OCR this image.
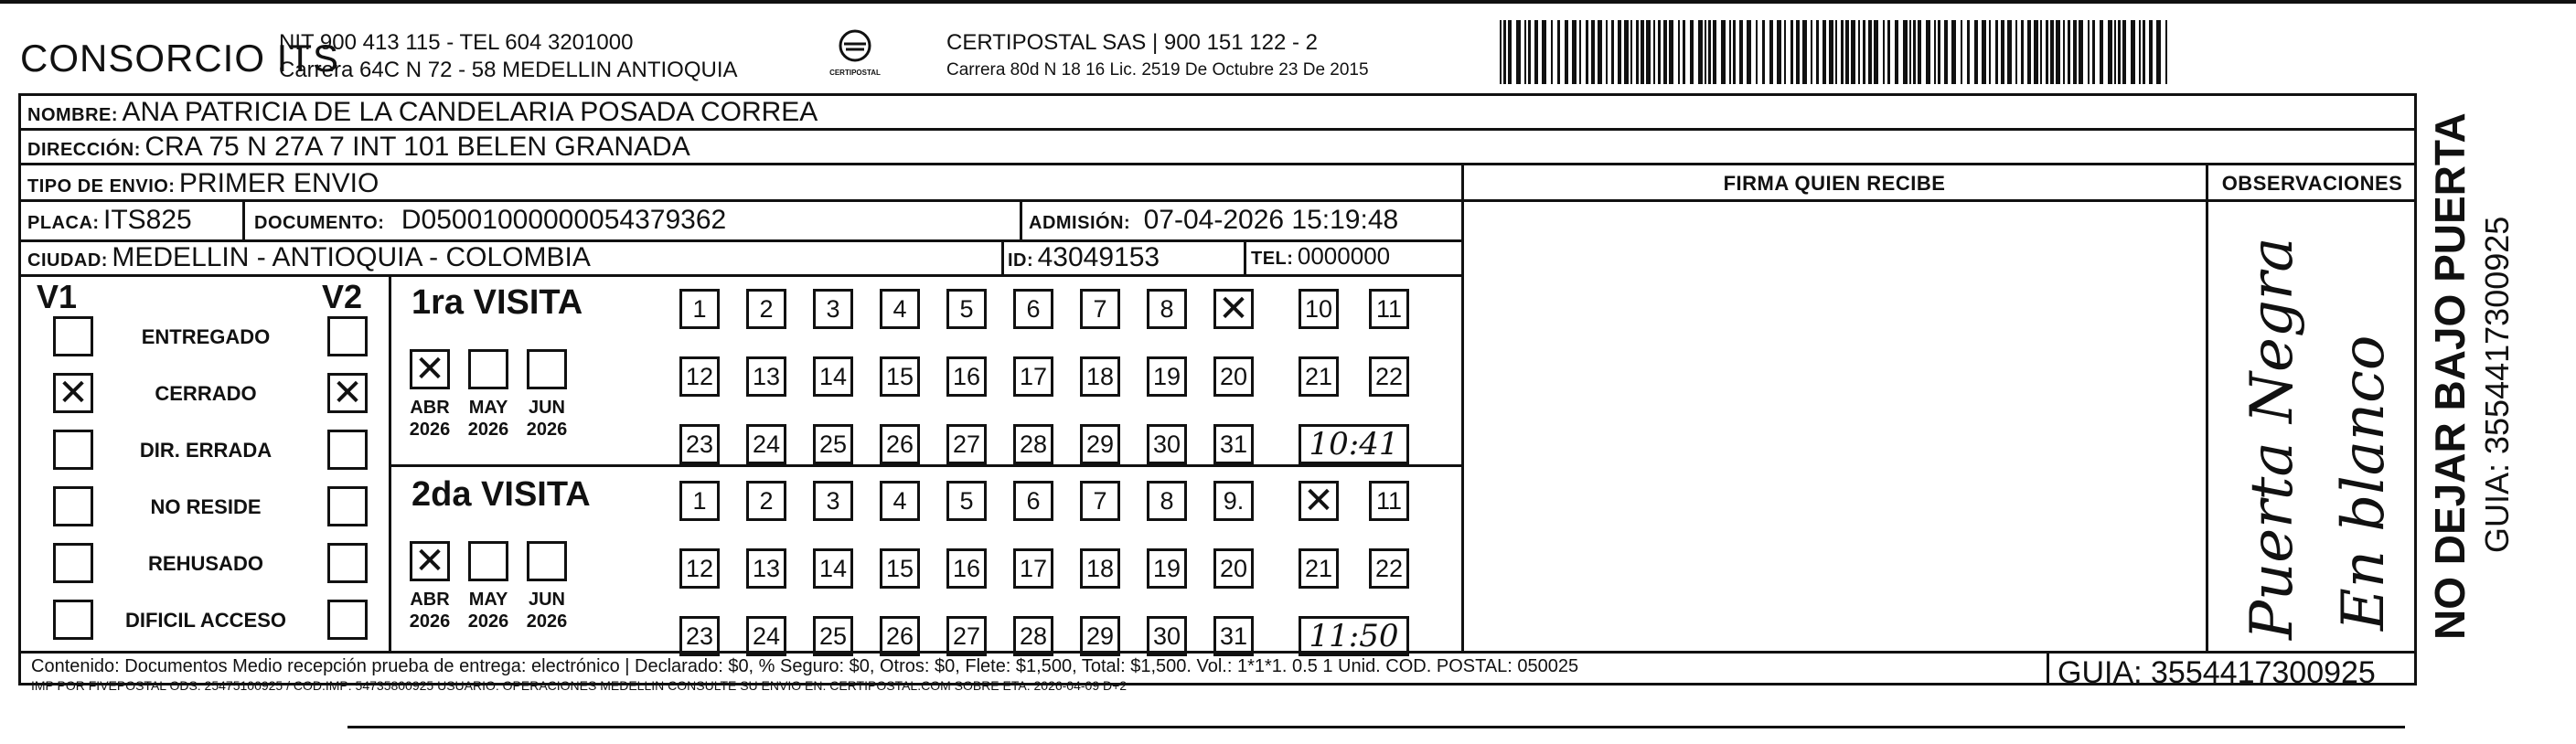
CONSORCIO ITS
NIT 900 413 115 - TEL 604 3201000
Carrera 64C N 72 - 58 MEDELLIN ANTIOQUIA	CERTIPOSTAL
CERTIPOSTAL SAS | 900 151 122 - 2
Carrera 80d N 18 16 Lic. 2519 De Octubre 23 De 2015
NOMBRE: ANA PATRICIA DE LA CANDELARIA POSADA CORREA
DIRECCIÓN: CRA 75 N 27A 7 INT 101 BELEN GRANADA
TIPO DE ENVIO: PRIMER ENVIO	FIRMA QUIEN RECIBE	OBSERVACIONES
PLACA: ITS825	DOCUMENTO: D05001000000054379362	ADMISIÓN: 07-04-2026 15:19:48
CIUDAD: MEDELLIN - ANTIOQUIA - COLOMBIA	ID: 43049153	TEL: 0000000
V1	V2
ENTREGADO
✕	CERRADO	✕
DIR. ERRADA
NO RESIDE
REHUSADO
DIFICIL ACCESO
1ra VISITA
✕
ABR
2026
MAY
2026
JUN
2026
1	2	3	4	5	6	7	8	✕ 10 11
12 13 14 15 16 17 18 19 20 21 22
23 24 25 26 27 28 29 30 31	10:41
2da VISITA
✕
ABR
2026
MAY
2026
JUN
2026
1	2	3	4	5	6	7	8	9. ✕ 11
12 13 14 15 16 17 18 19 20 21 22
23 24 25 26 27 28 29 30 31	11:50	Puerta Negra En blanco
Contenido: Documentos Medio recepción prueba de entrega: electrónico | Declarado: $0, % Seguro: $0, Otros: $0, Flete: $1,500, Total: $1,500. Vol.: 1*1*1. 0.5 1 Unid. COD. POSTAL: 050025
IMP POR FIVEPOSTAL ODS: 25475100925 / COD.IMP: 54735800925 USUARIO: OPERACIONES MEDELLIN CONSULTE SU ENVIO EN: CERTIPOSTAL.COM SOBRE ETA: 2026-04-09 D+2	GUIA: 3554417300925
NO DEJAR BAJO PUERTA GUIA: 3554417300925
